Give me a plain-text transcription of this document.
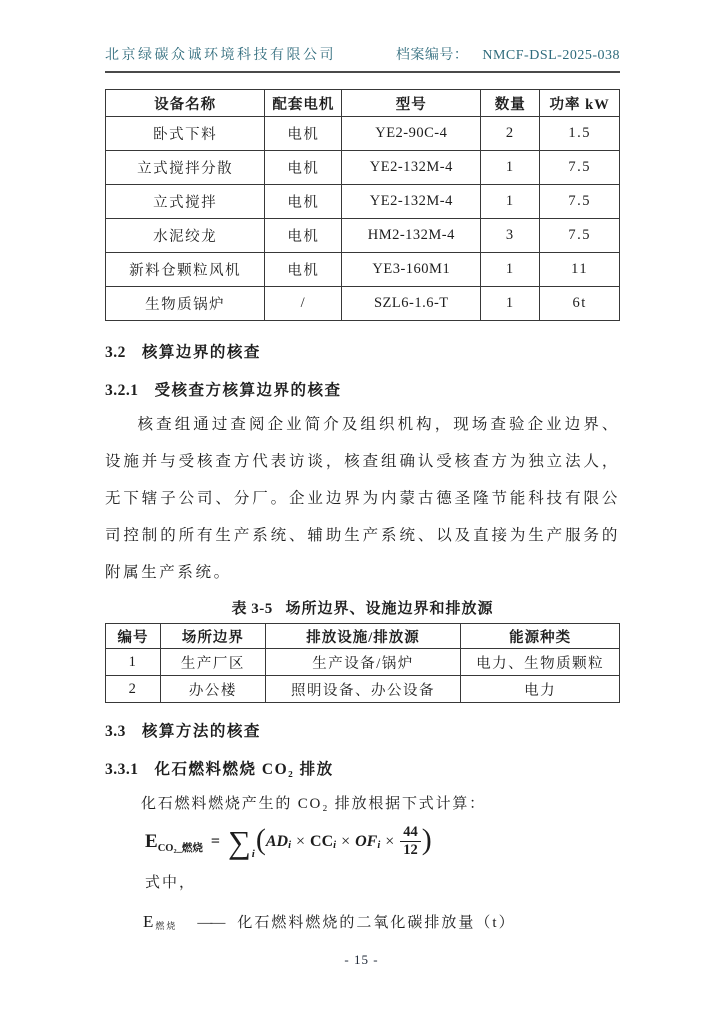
北京绿碳众诚环境科技有限公司	档案编号： NMCF-DSL-2025-038
设备名称	配套电机	型号	数量	功率 kW
卧式下料	电机	YE2-90C-4	2	1.5
立式搅拌分散	电机	YE2-132M-4	1	7.5
立式搅拌	电机	YE2-132M-4	1	7.5
水泥绞龙	电机	HM2-132M-4	3	7.5
新料仓颗粒风机	电机	YE3-160M1	1	11
生物质锅炉	/	SZL6-1.6-T	1	6t
3.2 核算边界的核查
3.2.1 受核查方核算边界的核查

核查组通过查阅企业简介及组织机构，现场查验企业边界、设施并与受核查方代表访谈，核查组确认受核查方为独立法人，无下辖子公司、分厂。企业边界为内蒙古德圣隆节能科技有限公司控制的所有生产系统、辅助生产系统、以及直接为生产服务的附属生产系统。

表 3-5 场所边界、设施边界和排放源
编号	场所边界	排放设施/排放源	能源种类
1	生产厂区	生产设备/锅炉	电力、生物质颗粒
2	办公楼	照明设备、办公设备	电力
3.3 核算方法的核查
3.3.1 化石燃料燃烧 CO₂ 排放

化石燃料燃烧产生的 CO₂ 排放根据下式计算：

E CO₂_燃烧 = ∑ i ( AD i × CC i × OF $i \times \frac{44}{12}$ )

式中，

E 燃烧 —— 化石燃料燃烧的二氧化碳排放量（t）
- 15 -
